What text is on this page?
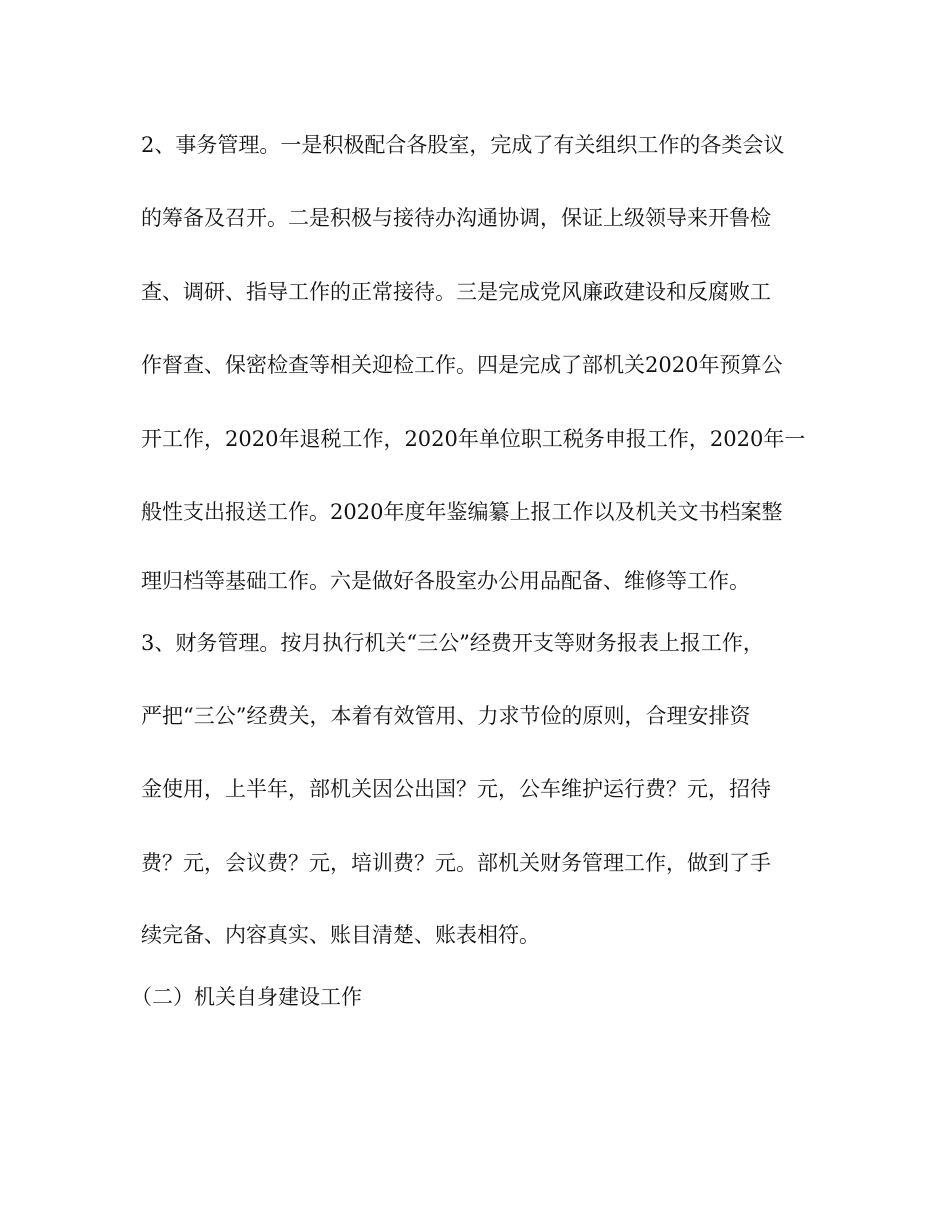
2、事务管理。一是积极配合各股室，完成了有关组织工作的各类会议
的筹备及召开。二是积极与接待办沟通协调，保证上级领导来开鲁检
查、调研、指导工作的正常接待。三是完成党风廉政建设和反腐败工
作督查、保密检查等相关迎检工作。四是完成了部机关2020年预算公
开工作，2020年退税工作，2020年单位职工税务申报工作，2020年一
般性支出报送工作。2020年度年鉴编纂上报工作以及机关文书档案整
理归档等基础工作。六是做好各股室办公用品配备、维修等工作。
3、财务管理。按月执行机关“三公”经费开支等财务报表上报工作，
严把“三公”经费关，本着有效管用、力求节俭的原则，合理安排资
金使用，上半年，部机关因公出国？元，公车维护运行费？元，招待
费？元，会议费？元，培训费？元。部机关财务管理工作，做到了手
续完备、内容真实、账目清楚、账表相符。
（二）机关自身建设工作
